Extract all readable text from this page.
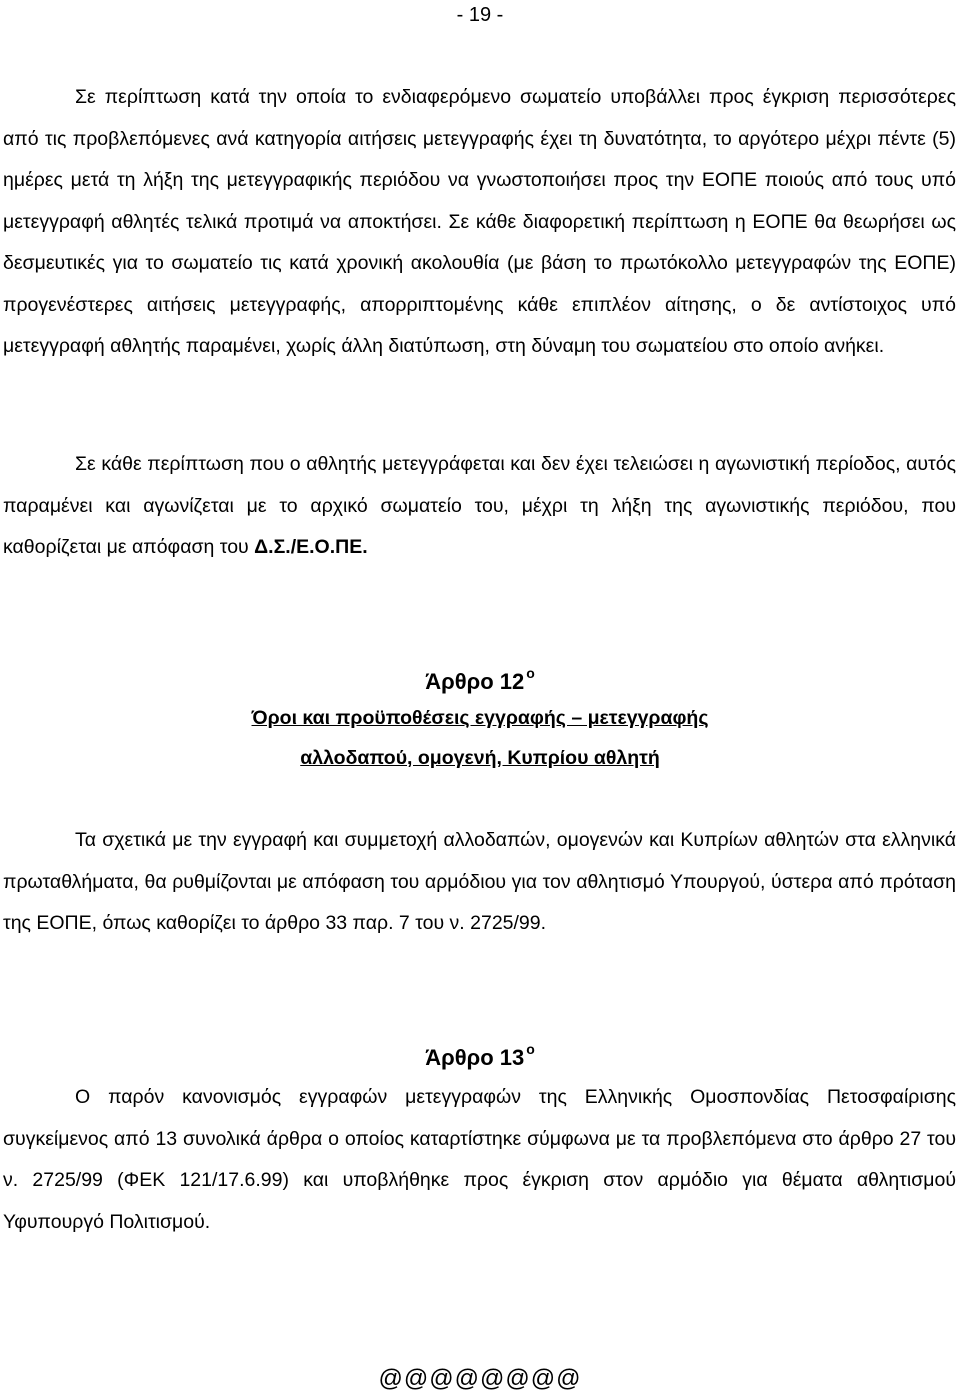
- 19 -

Σε περίπτωση κατά την οποία το ενδιαφερόμενο σωματείο υποβάλλει προς έγκριση περισσότερες από τις προβλεπόμενες ανά κατηγορία αιτήσεις μετεγγραφής έχει τη δυνατότητα, το αργότερο μέχρι πέντε (5) ημέρες μετά τη λήξη της μετεγγραφικής περιόδου να γνωστοποιήσει προς την ΕΟΠΕ ποιούς από τους υπό μετεγγραφή αθλητές τελικά προτιμά να αποκτήσει. Σε κάθε διαφορετική περίπτωση η ΕΟΠΕ θα θεωρήσει ως δεσμευτικές για το σωματείο τις κατά χρονική ακολουθία (με βάση το πρωτόκολλο μετεγγραφών της ΕΟΠΕ) προγενέστερες αιτήσεις μετεγγραφής, απορριπτομένης κάθε επιπλέον αίτησης, ο δε αντίστοιχος υπό μετεγγραφή αθλητής παραμένει, χωρίς άλλη διατύπωση, στη δύναμη του σωματείου στο οποίο ανήκει.

Σε κάθε περίπτωση που ο αθλητής μετεγγράφεται και δεν έχει τελειώσει η αγωνιστική περίοδος, αυτός παραμένει και αγωνίζεται με το αρχικό σωματείο του, μέχρι τη λήξη της αγωνιστικής περιόδου, που καθορίζεται με απόφαση του Δ.Σ./Ε.Ο.ΠΕ.

Άρθρο 12 $^o$
Όροι και προϋποθέσεις εγγραφής – μετεγγραφής
αλλοδαπού, ομογενή, Κυπρίου αθλητή

Τα σχετικά με την εγγραφή και συμμετοχή αλλοδαπών, ομογενών και Κυπρίων αθλητών στα ελληνικά πρωταθλήματα, θα ρυθμίζονται με απόφαση του αρμόδιου για τον αθλητισμό Υπουργού, ύστερα από πρόταση της ΕΟΠΕ, όπως καθορίζει το άρθρο 33 παρ. 7 του ν. 2725/99.

Άρθρο 13 $^o$

Ο παρόν κανονισμός εγγραφών μετεγγραφών της Ελληνικής Ομοσπονδίας Πετοσφαίρισης συγκείμενος από 13 συνολικά άρθρα ο οποίος καταρτίστηκε σύμφωνα με τα προβλεπόμενα στο άρθρο 27 του ν. 2725/99 (ΦΕΚ 121/17.6.99) και υποβλήθηκε προς έγκριση στον αρμόδιο για θέματα αθλητισμού Υφυπουργό Πολιτισμού.

@@@@@@@@
